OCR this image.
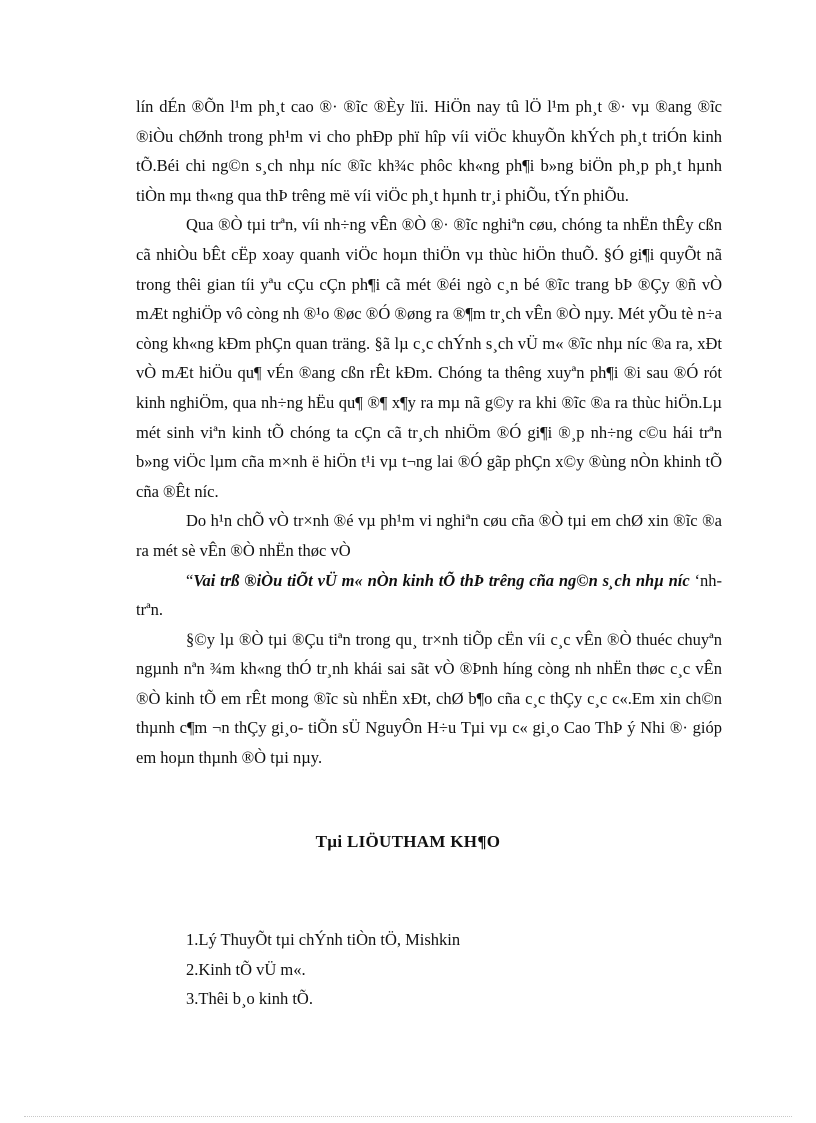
lín dÉn ®Õn l¹m ph¸t cao ®· ®ĩc ®Èy lïi. HiÖn nay tû lÖ l¹m ph¸t ®· vµ ®ang ®ĩc ®iÒu chØnh trong ph¹m vi cho phÐp phï hîp víi viÖc khuyÕn khÝch ph¸t triÓn kinh tÕ.Béi chi ng©n s¸ch nhµ níc ®ĩc kh¾c phôc kh«ng ph¶i b»ng biÖn ph¸p ph¸t hµnh tiÒn mµ th«ng qua thÞ trêng më víi viÖc ph¸t hµnh tr¸i phiÕu, tÝn phiÕu.

Qua ®Ò tµi trªn, víi nh÷ng vÊn ®Ò ®· ®ĩc nghiªn cøu, chóng ta nhËn thÊy cßn cã nhiÒu bÊt cËp xoay quanh viÖc hoµn thiÖn vµ thùc hiÖn thuÕ. §Ó gi¶i quyÕt nã trong thêi gian tíi yªu cÇu cÇn ph¶i cã mét ®éi ngò c¸n bé ®ĩc trang bÞ ®Çy ®ñ vÒ mÆt nghiÖp vô còng nh ®¹o ®øc ®Ó ®øng ra ®¶m tr¸ch vÊn ®Ò nµy. Mét yÕu tè n÷a còng kh«ng kÐm phÇn quan träng. §ã lµ c¸c chÝnh s¸ch vÜ m« ®ĩc nhµ níc ®a ra, xÐt vÒ mÆt hiÖu qu¶ vÉn ®ang cßn rÊt kÐm. Chóng ta thêng xuyªn ph¶i ®i sau ®Ó rót kinh nghiÖm, qua nh÷ng hËu qu¶ ®¶ x¶y ra mµ nã g©y ra khi ®ĩc ®a ra thùc hiÖn.Lµ mét sinh viªn kinh tÕ chóng ta cÇn cã tr¸ch nhiÖm ®Ó gi¶i ®¸p nh÷ng c©u hái trªn b»ng viÖc lµm cña m×nh ë hiÖn t¹i vµ t¬ng lai ®Ó gãp phÇn x©y ®ùng nÒn khinh tÕ cña ®Êt níc.

Do h¹n chÕ vÒ tr×nh ®é vµ ph¹m vi nghiªn cøu cña ®Ò tµi em chØ xin ®ĩc ®a ra mét sè vÊn ®Ò nhËn thøc vÒ

“Vai trß ®iÒu tiÕt vÜ m« nÒn kinh tÕ thÞ trêng cña ng©n s¸ch nhµ níc ‘nh trªn.

§©y lµ ®Ò tµi ®Çu tiªn trong qu¸ tr×nh tiÕp cËn víi c¸c vÊn ®Ò thuéc chuyªn ngµnh nªn ¾m kh«ng thÓ tr¸nh khái sai sãt vÒ ®Þnh híng còng nh nhËn thøc c¸c vÊn ®Ò kinh tÕ em rÊt mong ®ĩc sù nhËn xÐt, chØ b¶o cña c¸c thÇy c¸c c«.Em xin ch©n thµnh c¶m ¬n thÇy gi¸o- tiÕn sÜ NguyÔn H÷u Tµi vµ c« gi¸o Cao ThÞ ý Nhi ®· gióp em hoµn thµnh ®Ò tµi nµy.

Tµi LIÖUTHAM KH¶O
1.Lý ThuyÕt tµi chÝnh tiÒn tÖ, Mishkin
2.Kinh tÕ vÜ m«.
3.Thêi b¸o kinh tÕ.
